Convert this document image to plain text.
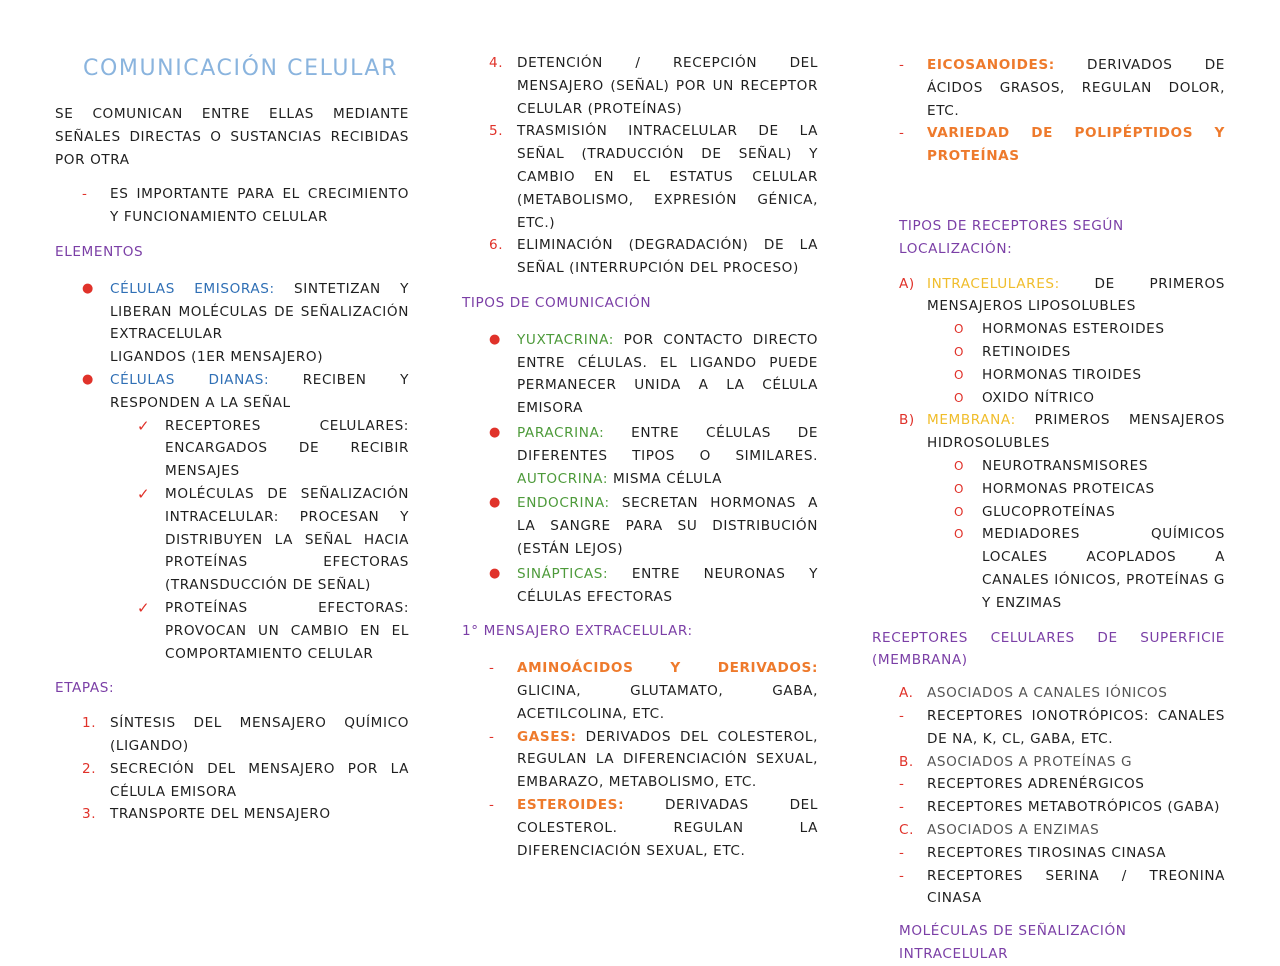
COMUNICACIÓN CELULAR

SE COMUNICAN ENTRE ELLAS MEDIANTE SEÑALES DIRECTAS O SUSTANCIAS RECIBIDAS POR OTRA

- ES IMPORTANTE PARA EL CRECIMIENTO Y FUNCIONAMIENTO CELULAR

ELEMENTOS

● CÉLULAS EMISORAS: SINTETIZAN Y LIBERAN MOLÉCULAS DE SEÑALIZACIÓN EXTRACELULAR
LIGANDOS (1ER MENSAJERO)
● CÉLULAS DIANAS: RECIBEN Y RESPONDEN A LA SEÑAL
✓ RECEPTORES CELULARES: ENCARGADOS DE RECIBIR MENSAJES
✓ MOLÉCULAS DE SEÑALIZACIÓN INTRACELULAR: PROCESAN Y DISTRIBUYEN LA SEÑAL HACIA PROTEÍNAS EFECTORAS (TRANSDUCCIÓN DE SEÑAL)
✓ PROTEÍNAS EFECTORAS: PROVOCAN UN CAMBIO EN EL COMPORTAMIENTO CELULAR

ETAPAS:

1. SÍNTESIS DEL MENSAJERO QUÍMICO (LIGANDO)
2. SECRECIÓN DEL MENSAJERO POR LA CÉLULA EMISORA
3. TRANSPORTE DEL MENSAJERO
4. DETENCIÓN / RECEPCIÓN DEL MENSAJERO (SEÑAL) POR UN RECEPTOR CELULAR (PROTEÍNAS)
5. TRASMISIÓN INTRACELULAR DE LA SEÑAL (TRADUCCIÓN DE SEÑAL) Y CAMBIO EN EL ESTATUS CELULAR (METABOLISMO, EXPRESIÓN GÉNICA, ETC.)
6. ELIMINACIÓN (DEGRADACIÓN) DE LA SEÑAL (INTERRUPCIÓN DEL PROCESO)

TIPOS DE COMUNICACIÓN

● YUXTACRINA: POR CONTACTO DIRECTO ENTRE CÉLULAS. EL LIGANDO PUEDE PERMANECER UNIDA A LA CÉLULA EMISORA
● PARACRINA: ENTRE CÉLULAS DE DIFERENTES TIPOS O SIMILARES. AUTOCRINA: MISMA CÉLULA
● ENDOCRINA: SECRETAN HORMONAS A LA SANGRE PARA SU DISTRIBUCIÓN (ESTÁN LEJOS)
● SINÁPTICAS: ENTRE NEURONAS Y CÉLULAS EFECTORAS

1° MENSAJERO EXTRACELULAR:

- AMINOÁCIDOS Y DERIVADOS: GLICINA, GLUTAMATO, GABA, ACETILCOLINA, ETC.
- GASES: DERIVADOS DEL COLESTEROL, REGULAN LA DIFERENCIACIÓN SEXUAL, EMBARAZO, METABOLISMO, ETC.
- ESTEROIDES:	DERIVADAS DEL COLESTEROL. REGULAN LA DIFERENCIACIÓN SEXUAL, ETC.
- EICOSANOIDES: DERIVADOS DE ÁCIDOS GRASOS, REGULAN DOLOR, ETC.
- VARIEDAD DE POLIPÉPTIDOS Y PROTEÍNAS

TIPOS DE RECEPTORES SEGÚN LOCALIZACIÓN:

A) INTRACELULARES:	DE PRIMEROS MENSAJEROS LIPOSOLUBLES
O HORMONAS ESTEROIDES
O RETINOIDES
O HORMONAS TIROIDES
O OXIDO NÍTRICO
B) MEMBRANA: PRIMEROS MENSAJEROS HIDROSOLUBLES
O NEUROTRANSMISORES
O HORMONAS PROTEICAS
O GLUCOPROTEÍNAS
O MEDIADORES QUÍMICOS LOCALES ACOPLADOS A CANALES IÓNICOS, PROTEÍNAS G Y ENZIMAS

RECEPTORES CELULARES DE SUPERFICIE (MEMBRANA)

A. ASOCIADOS A CANALES IÓNICOS
- RECEPTORES IONOTRÓPICOS: CANALES DE NA, K, CL, GABA, ETC.
B. ASOCIADOS A PROTEÍNAS G
- RECEPTORES ADRENÉRGICOS
- RECEPTORES METABOTRÓPICOS (GABA)
C. ASOCIADOS A ENZIMAS
- RECEPTORES TIROSINAS CINASA
- RECEPTORES SERINA / TREONINA CINASA

MOLÉCULAS DE SEÑALIZACIÓN INTRACELULAR
